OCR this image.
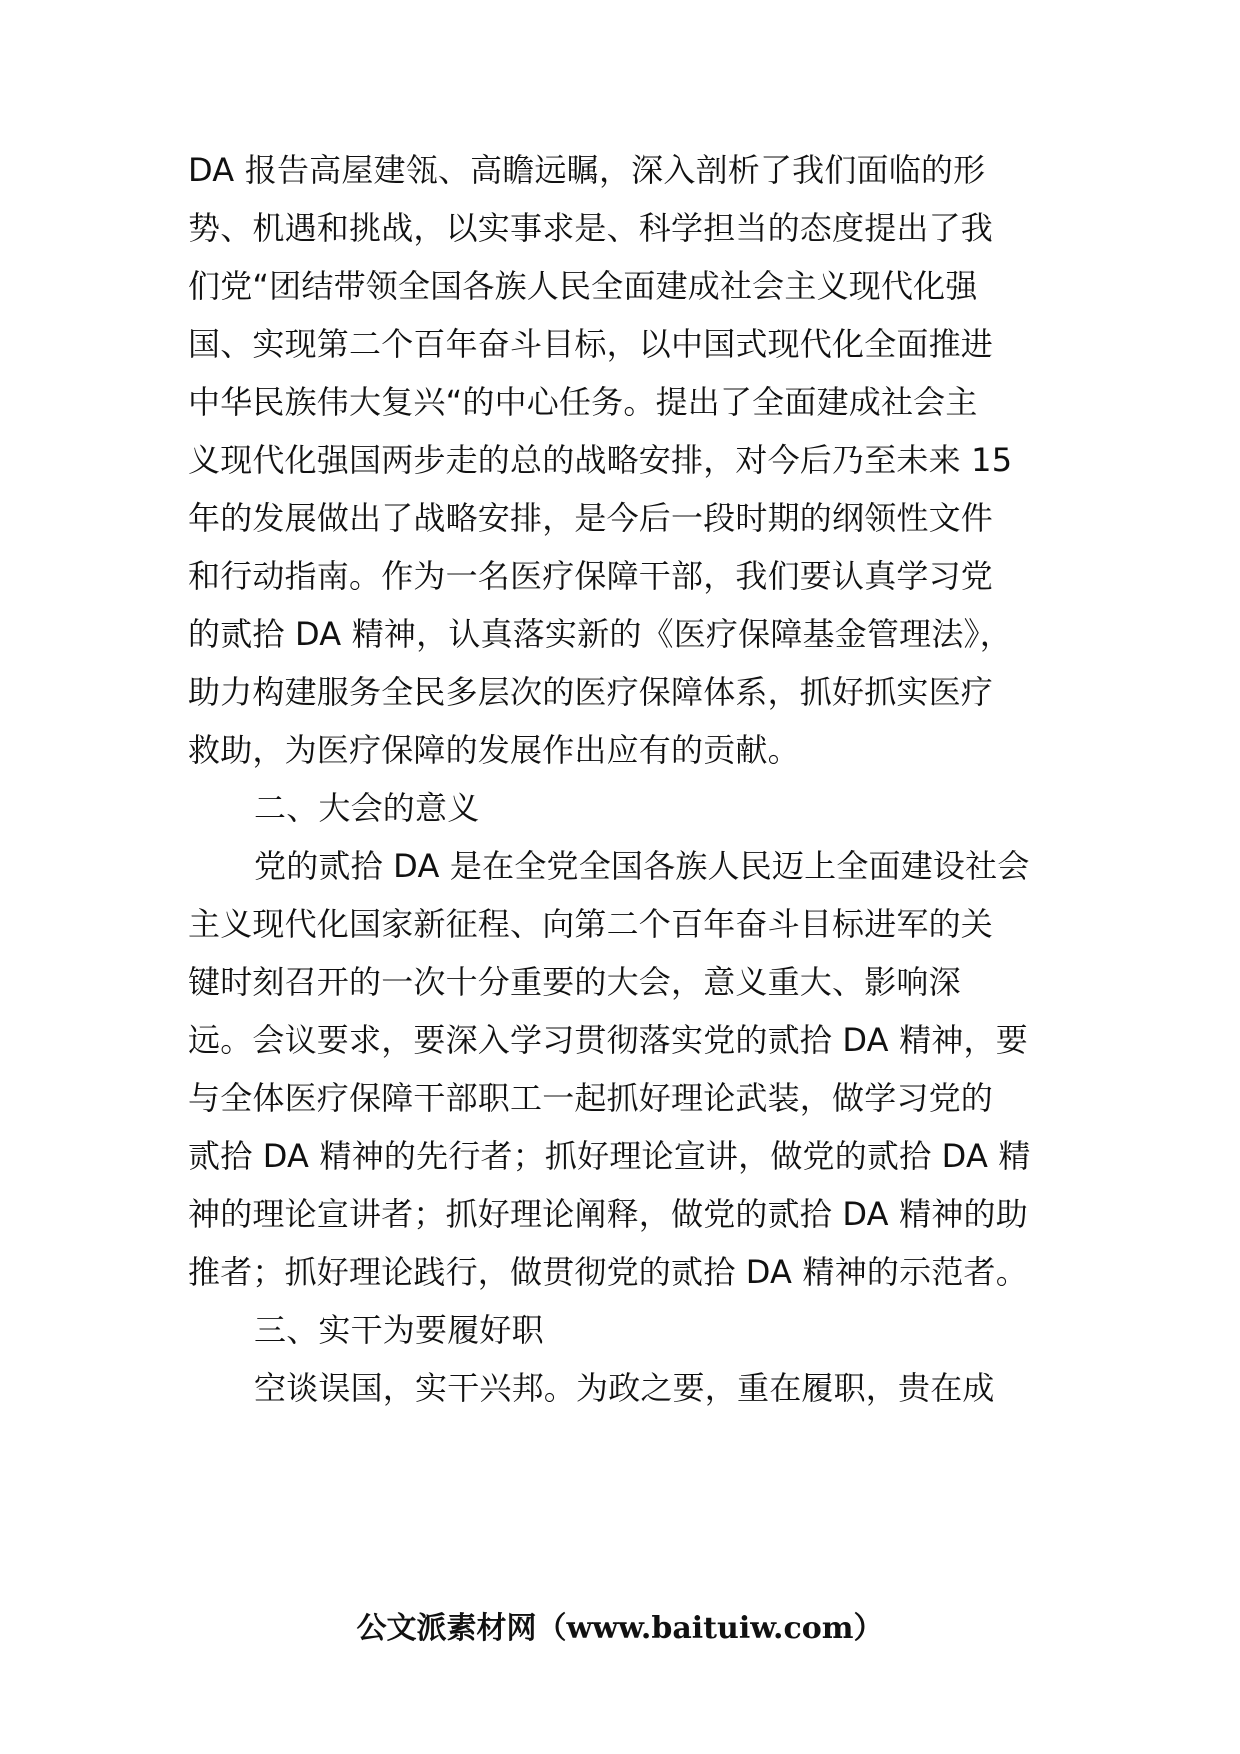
DA 报告高屋建瓴、高瞻远瞩，深入剖析了我们面临的形
势、机遇和挑战，以实事求是、科学担当的态度提出了我
们党“团结带领全国各族人民全面建成社会主义现代化强
国、实现第二个百年奋斗目标，以中国式现代化全面推进
中华民族伟大复兴“的中心任务。提出了全面建成社会主
义现代化强国两步走的总的战略安排，对今后乃至未来 15
年的发展做出了战略安排，是今后一段时期的纲领性文件
和行动指南。作为一名医疗保障干部，我们要认真学习党
的贰拾 DA 精神，认真落实新的《医疗保障基金管理法》，
助力构建服务全民多层次的医疗保障体系，抓好抓实医疗
救助，为医疗保障的发展作出应有的贡献。
二、大会的意义
党的贰拾 DA 是在全党全国各族人民迈上全面建设社会
主义现代化国家新征程、向第二个百年奋斗目标进军的关
键时刻召开的一次十分重要的大会，意义重大、影响深
远。会议要求，要深入学习贯彻落实党的贰拾 DA 精神，要
与全体医疗保障干部职工一起抓好理论武装，做学习党的
贰拾 DA 精神的先行者；抓好理论宣讲，做党的贰拾 DA 精
神的理论宣讲者；抓好理论阐释，做党的贰拾 DA 精神的助
推者；抓好理论践行，做贯彻党的贰拾 DA 精神的示范者。
三、实干为要履好职
空谈误国，实干兴邦。为政之要，重在履职，贵在成
公文派素材网（www.baituiw.com）
